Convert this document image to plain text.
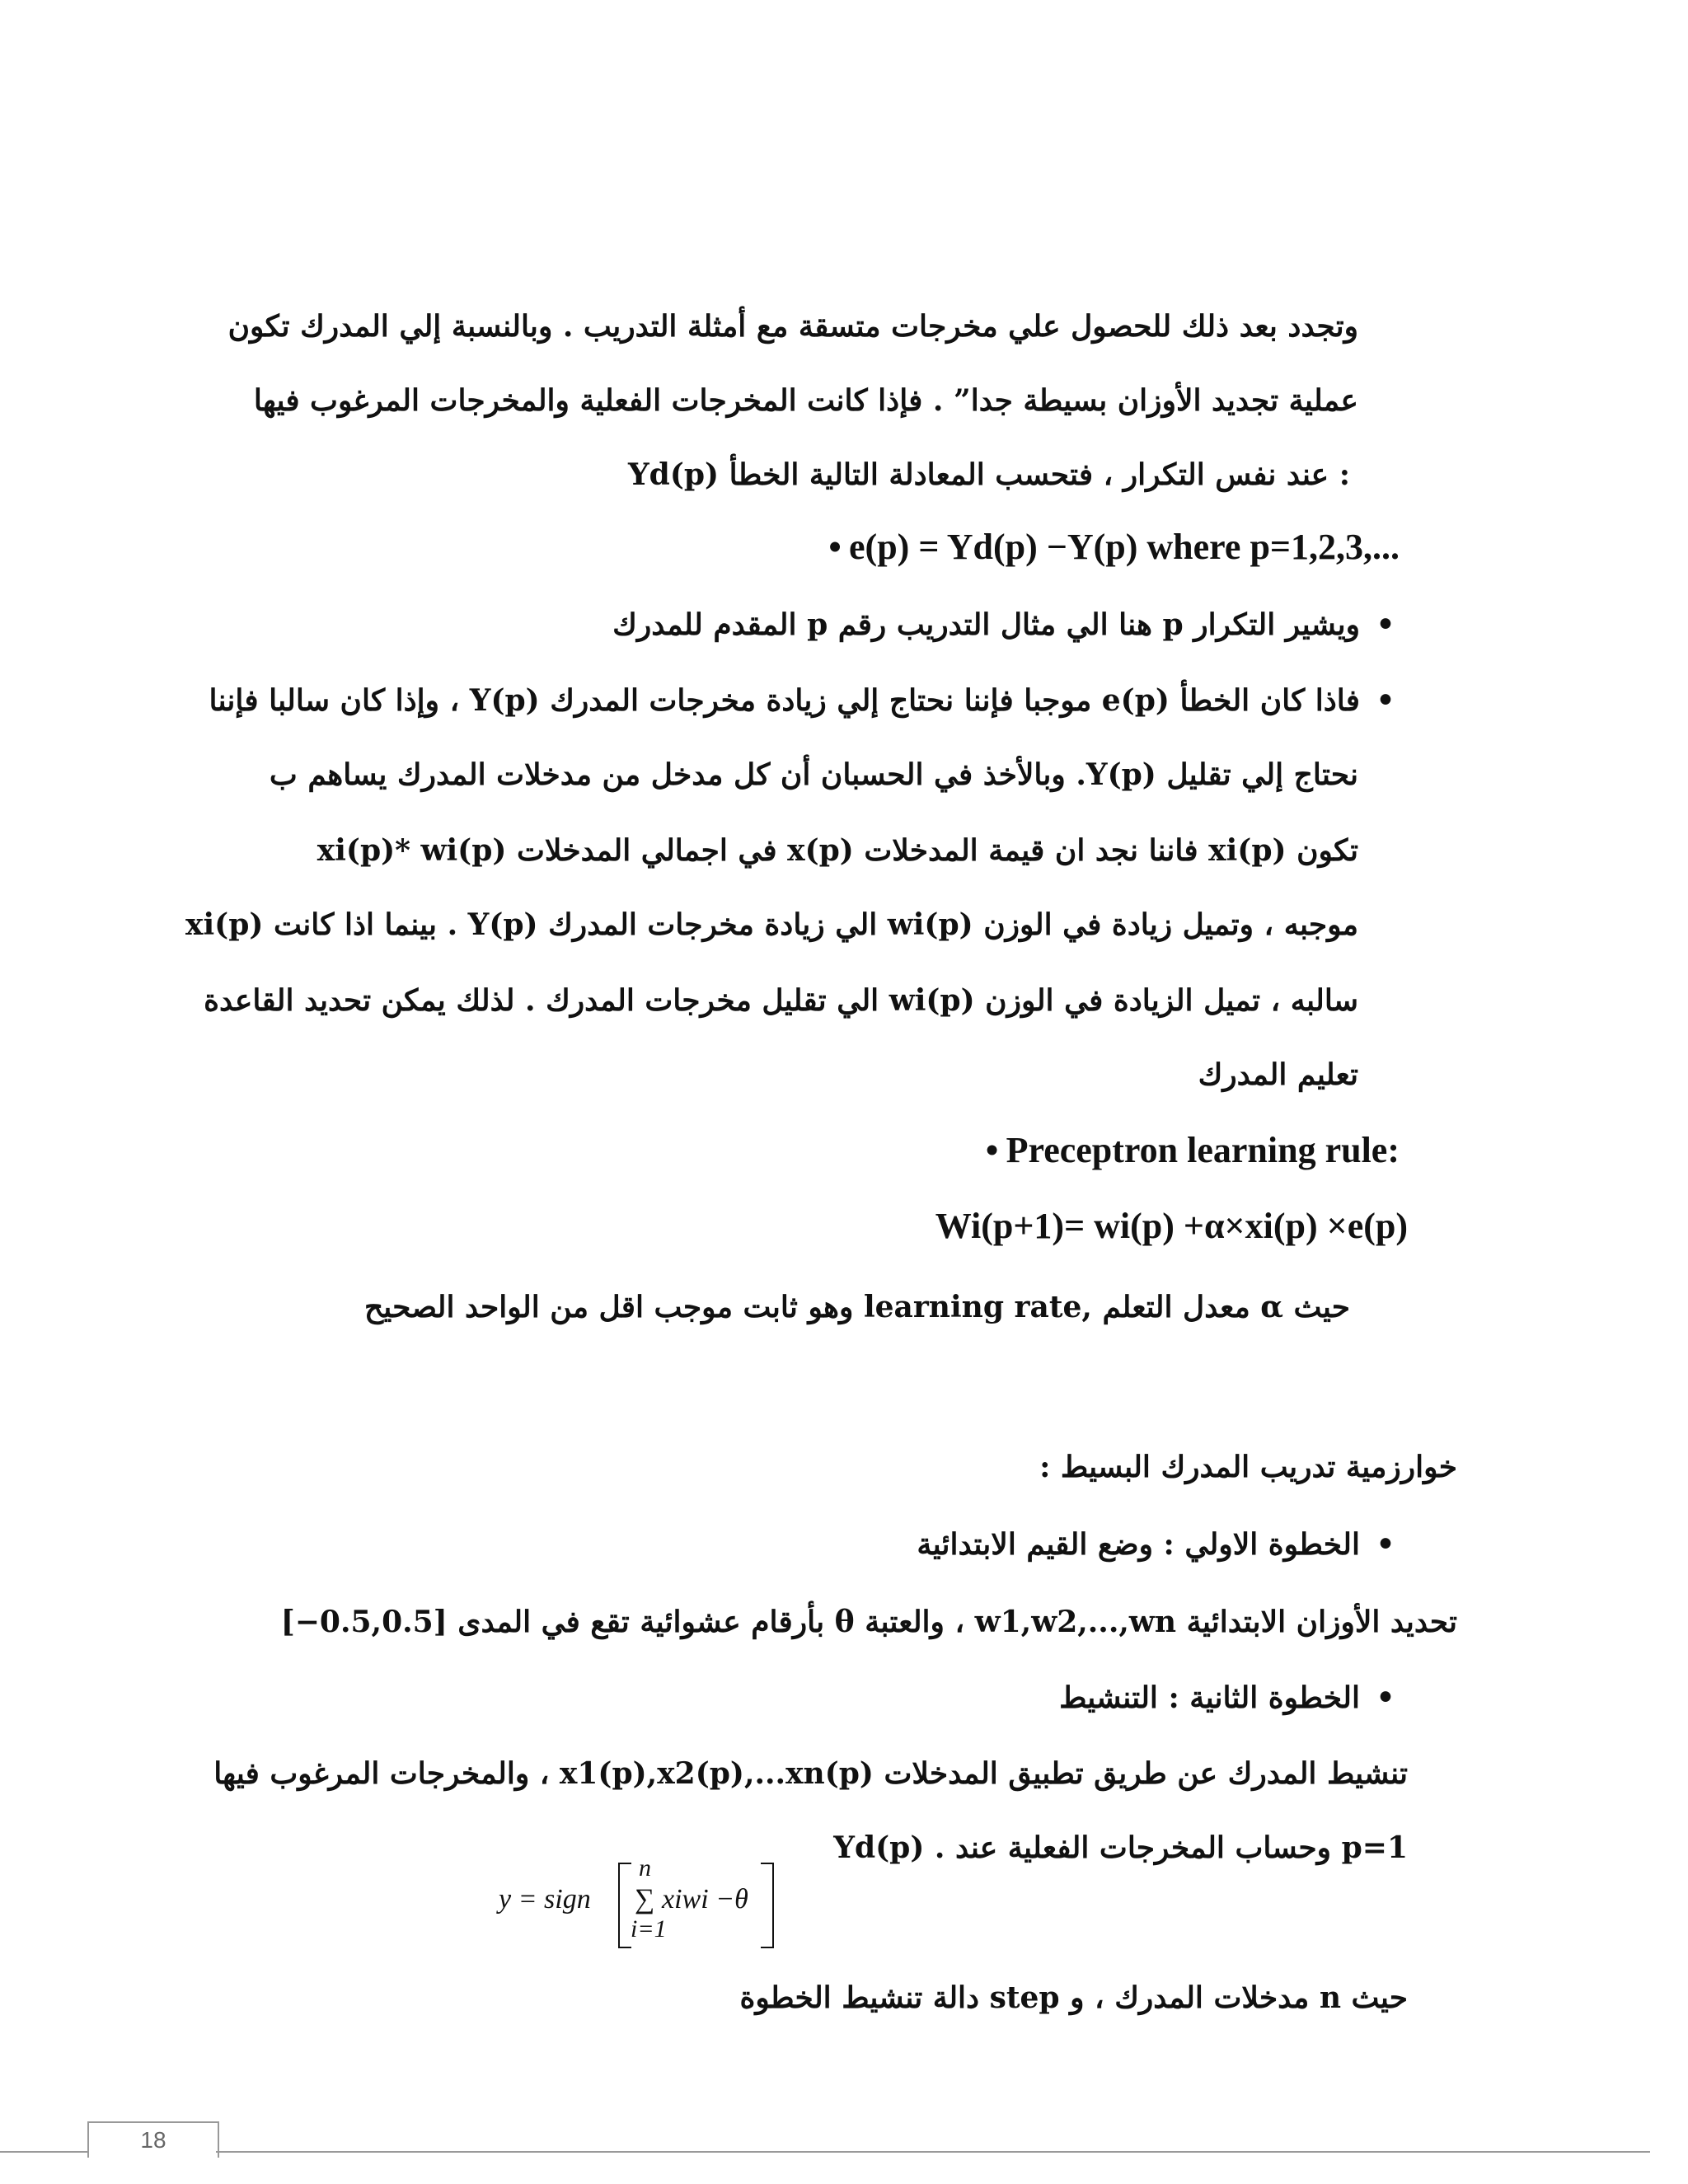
وتجدد بعد ذلك للحصول علي مخرجات متسقة مع أمثلة التدريب . وبالنسبة إلي المدرك تكون
عملية تجديد الأوزان بسيطة جدا” . فإذا كانت المخرجات الفعلية والمخرجات المرغوب فيها
Yd(p) عند نفس التكرار ، فتحسب المعادلة التالية الخطأ :
• e(p) = Yd(p) −Y(p) where p=1,2,3,...
• ويشير التكرار p هنا الي مثال التدريب رقم p المقدم للمدرك
• فاذا كان الخطأ e(p) موجبا فإننا نحتاج إلي زيادة مخرجات المدرك Y(p) ، وإذا كان سالبا فإننا
نحتاج إلي تقليل Y(p). وبالأخذ في الحسبان أن كل مدخل من مدخلات المدرك يساهم ب
xi(p)* wi(p) في اجمالي المدخلات x(p) فاننا نجد ان قيمة المدخلات xi(p) تكون
موجبه ، وتميل زيادة في الوزن wi(p) الي زيادة مخرجات المدرك Y(p) . بينما اذا كانت xi(p)
سالبه ، تميل الزيادة في الوزن wi(p) الي تقليل مخرجات المدرك . لذلك يمكن تحديد القاعدة
تعليم المدرك
• Preceptron learning rule:
Wi(p+1)= wi(p) +α×xi(p) ×e(p)
حيث α معدل التعلم ,learning rate وهو ثابت موجب اقل من الواحد الصحيح
خوارزمية تدريب المدرك البسيط :
• الخطوة الاولي : وضع القيم الابتدائية
تحديد الأوزان الابتدائية w1,w2,...,wn ، والعتبة θ بأرقام عشوائية تقع في المدى [0.5,0.5−]
• الخطوة الثانية : التنشيط
تنشيط المدرك عن طريق تطبيق المدخلات x1(p),x2(p),...xn(p) ، والمخرجات المرغوب فيها
Yd(p) . وحساب المخرجات الفعلية عند p=1
y = sign
n
∑ xiwi −θ
i=1
حيث n مدخلات المدرك ، و step دالة تنشيط الخطوة
18
